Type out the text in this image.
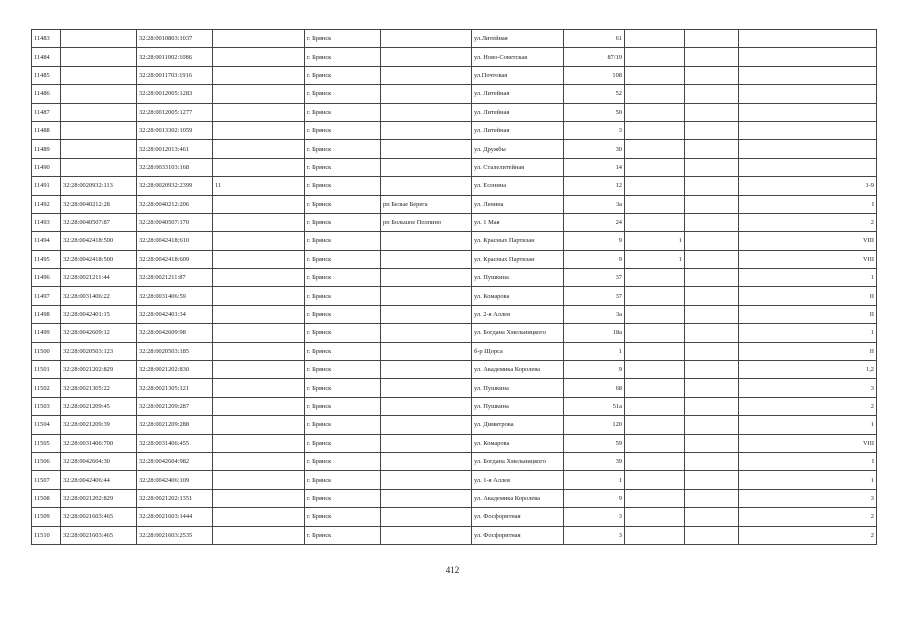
11483		32:28:0010803:1037		г. Брянск		ул.Литейная	61			
11484		32:28:0011002:1086		г. Брянск		ул. Ново-Советская	87/19			
11485		32:28:0011703:1916		г. Брянск		ул.Почтовая	108			
11486		32:28:0012005:1283		г. Брянск		ул. Литейная	52			
11487		32:28:0012005:1277		г. Брянск		ул. Литейная	50			
11488		32:28:0013302:1059		г. Брянск		ул. Литейная	3			
11489		32:28:0012013:461		г. Брянск		ул. Дружбы	30			
11490		32:28:0033103:168		г. Брянск		ул. Сталелитейная	14			
11491	32:28:0020932:113	32:28:0020932:2399	11	г. Брянск		ул. Есенина	12			1-9
11492	32:28:0040212:28	32:28:0040212:206		г. Брянск	рп Белые Берега	ул. Ленина	3а			I
11493	32:28:0040507:87	32:28:0040507:170		г. Брянск	рп Большое Полпино	ул. 1 Мая	24			2
11494	32:28:0042418:500	32:28:0042418:610		г. Брянск		ул. Красных Партизан	9	1		VIII
11495	32:28:0042418:500	32:28:0042418:609		г. Брянск		ул. Красных Партизан	9	1		VIII
11496	32:28:0021211:44	32:28:0021211:87		г. Брянск		ул. Пушкина	37			1
11497	32:28:0031406:22	32:28:0031406:59		г. Брянск		ул. Комарова	37			II
11498	32:28:0042401:15	32:28:0042401:34		г. Брянск		ул. 2-я Аллея	3а			II
11499	32:28:0042609:12	32:28:0042609:98		г. Брянск		ул. Богдана Хмельницкого	18а			1
11500	32:28:0020503:123	32:28:0020503:185		г. Брянск		б-р Щорса	1			II
11501	32:28:0021202:829	32:28:0021202:830		г. Брянск		ул. Академика Королева	9			1,2
11502	32:28:0021305:22	32:28:0021305:121		г. Брянск		ул. Пушкина	68			3
11503	32:28:0021209:45	32:28:0021209:287		г. Брянск		ул. Пушкина	51а			2
11504	32:28:0021209:39	32:28:0021209:288		г. Брянск		ул. Димитрова	120			1
11505	32:28:0031406:700	32:28:0031406:455		г. Брянск		ул. Комарова	59			VIII
11506	32:28:0042604:30	32:28:0042604:982		г. Брянск		ул. Богдана Хмельницкого	39			I
11507	32:28:0042406:44	32:28:0042406:109		г. Брянск		ул. 1-я Аллея	1			1
11508	32:28:0021202:829	32:28:0021202:1351		г. Брянск		ул. Академика Королева	9			3
11509	32:28:0021603:465	32:28:0021603:1444		г. Брянск		ул. Фосфоритная	3			2
11510	32:28:0021603:465	32:28:0021603:2535		г. Брянск		ул. Фосфоритная	3			2
412
